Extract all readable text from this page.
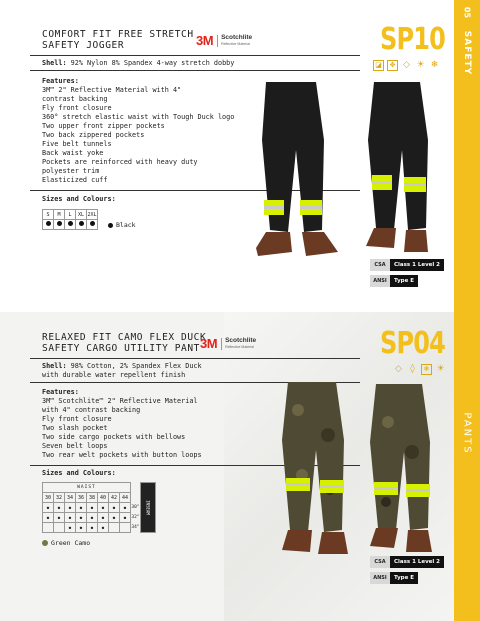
05
SAFETY
PANTS
COMFORT FIT FREE STRETCH
SAFETY JOGGER	3M Scotchlite
Reflective Material	SP10
◪	✥ ◇ ☀ ❄
Shell: 92% Nylon 8% Spandex 4-way stretch dobby
Features:
3M™ 2" Reflective Material with 4"
contrast backing
Fly front closure
360° stretch elastic waist with Tough Duck logo
Two upper front zipper pockets
Two back zippered pockets
Five belt tunnels
Back waist yoke
Pockets are reinforced with heavy duty
polyester trim
Elasticized cuff
Sizes and Colours:
S	M	L	XL	2XL

Black
CSA	Class 1 Level 2
ANSI	Type E
RELAXED FIT CAMO FLEX DUCK
SAFETY CARGO UTILITY PANT 3M Scotchlite
Reflective Material	SP04
◇ ◊	❄ ☀
Shell: 98% Cotton, 2% Spandex Flex Duck
with durable water repellent finish
Features:
3M™ Scotchlite™ 2" Reflective Material
with 4" contrast backing
Fly front closure
Two slash pocket
Two side cargo pockets with bellows
Seven belt loops
Two rear welt pockets with button loops
Sizes and Colours:
CSA	Class 1 Level 2
ANSI	Type E
WAIST									INSEAM
30	32	34	36	38	40	42	44		
●	●	●	●	●	●	●	●	30"	
●	●	●	●	●	●	●	●	32"	
		●	●	●	●			34"	
Green Camo
